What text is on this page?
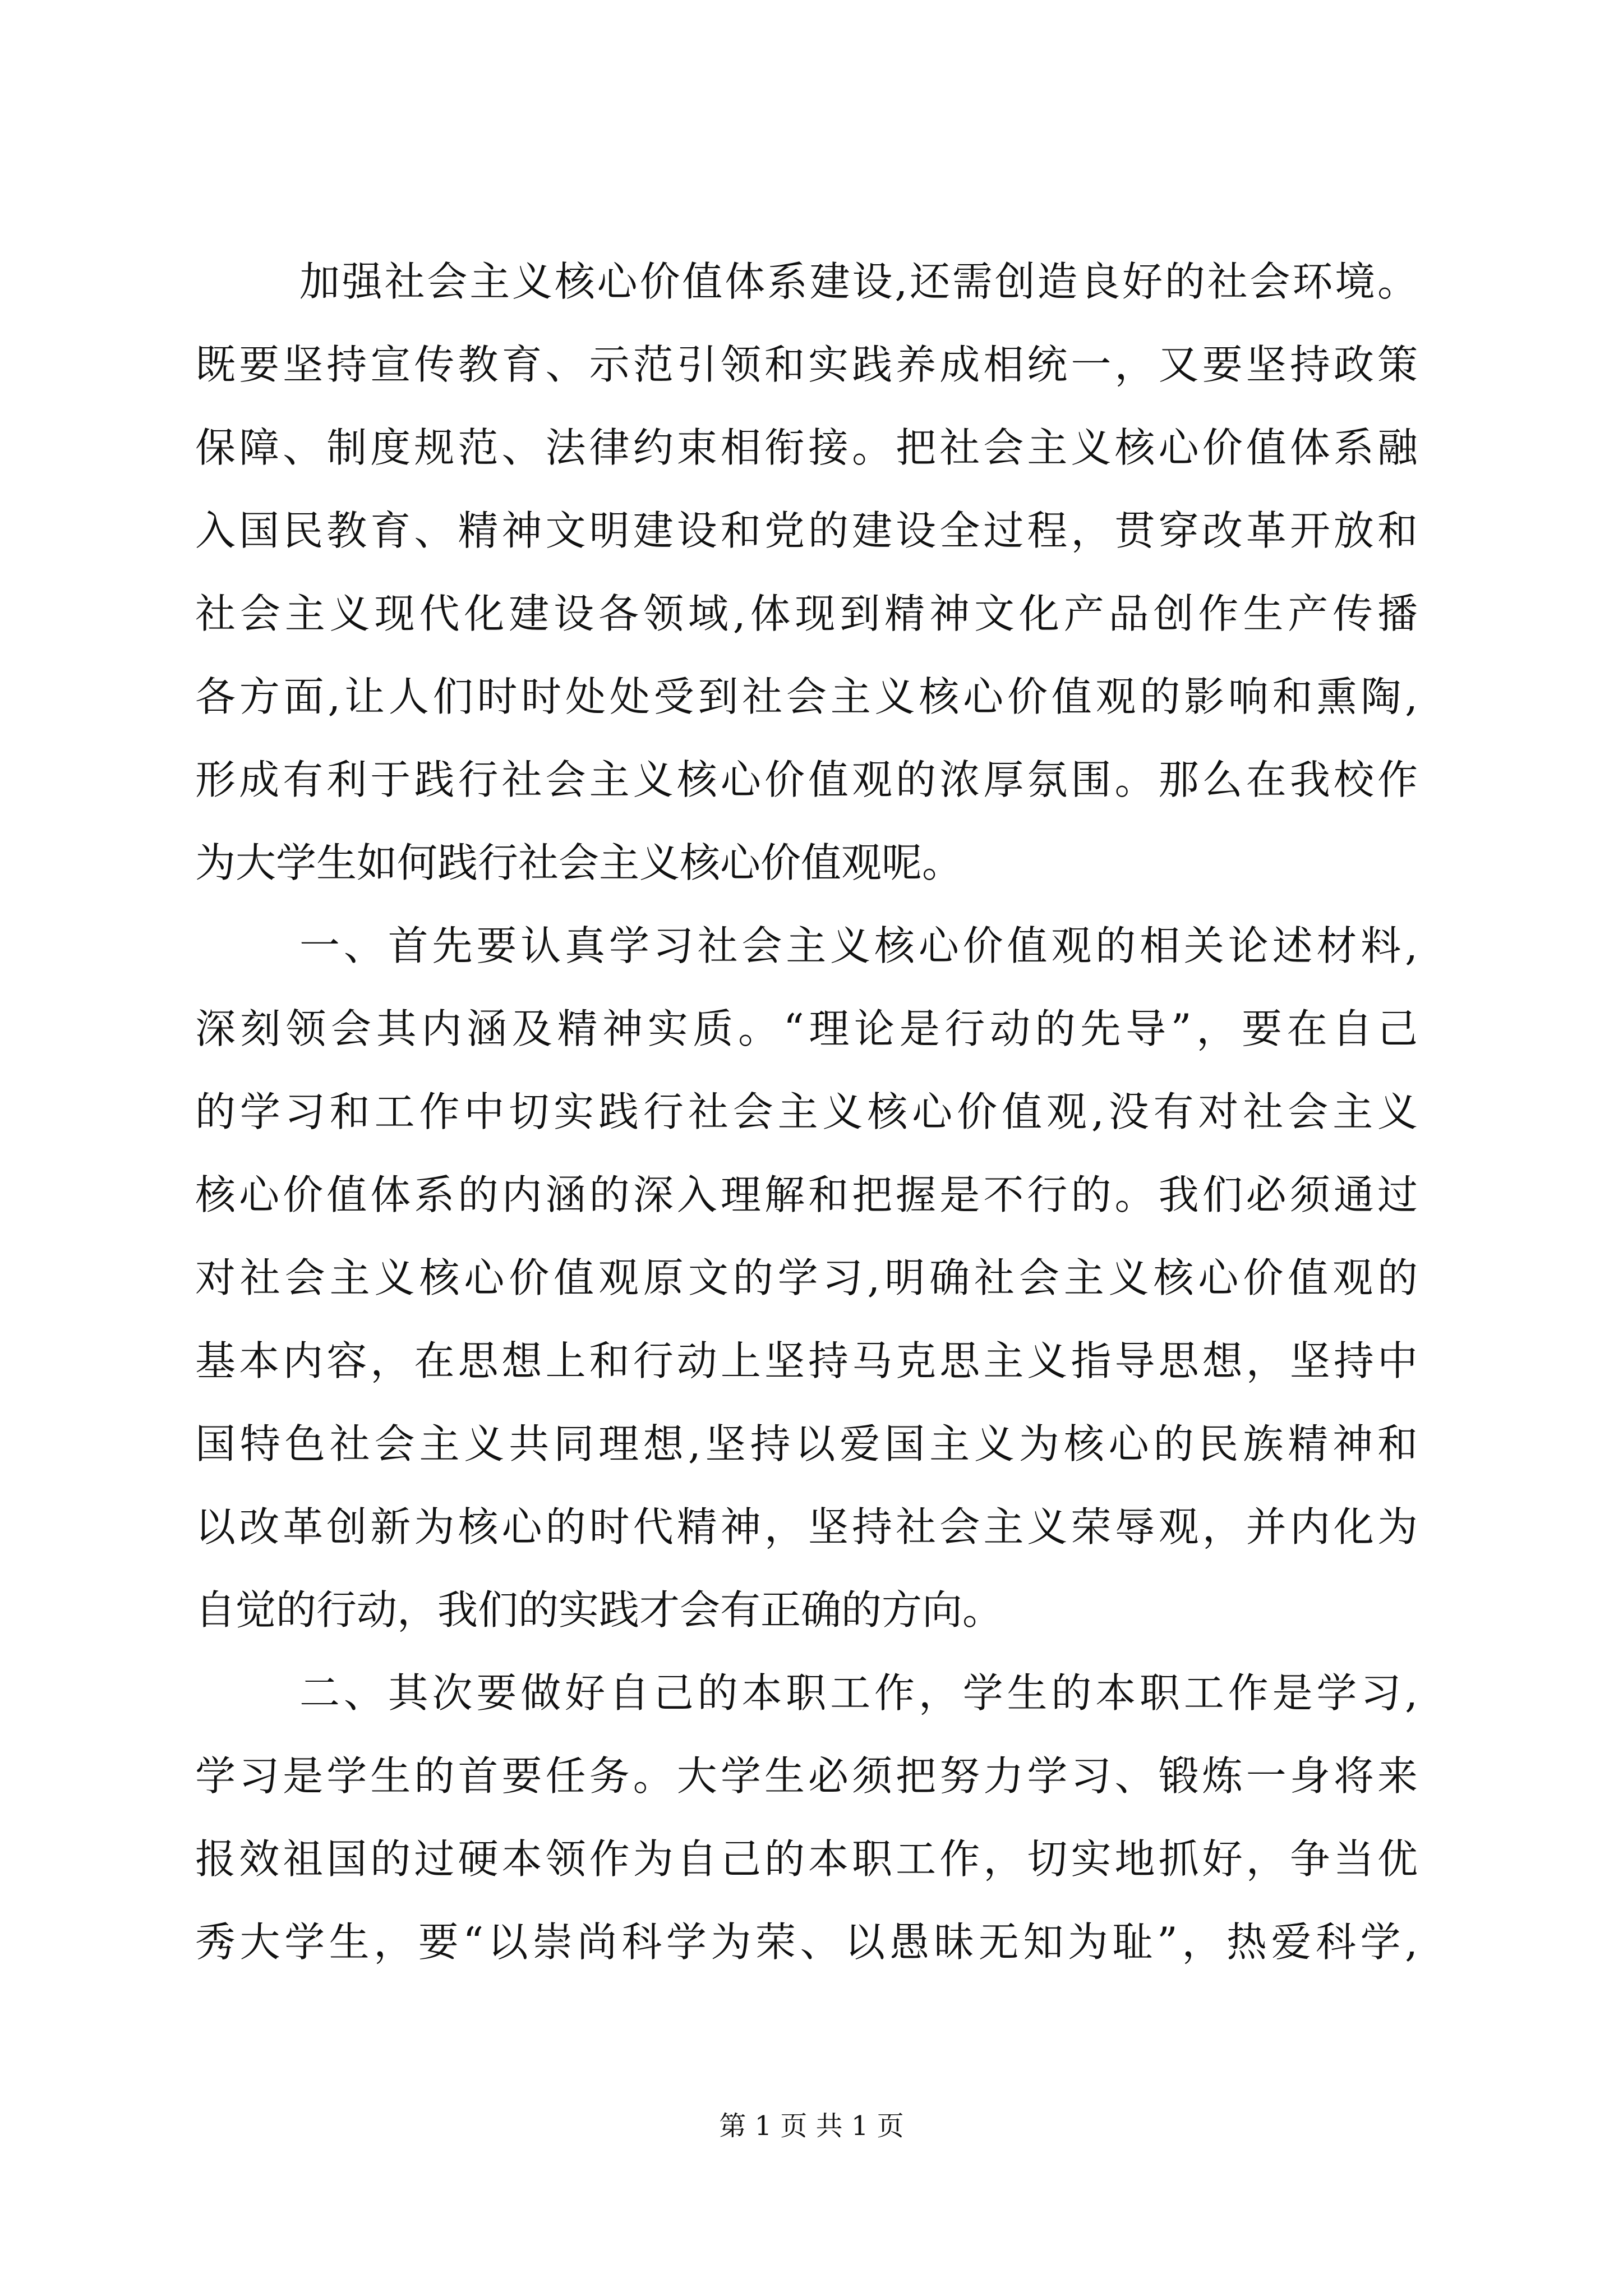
加强社会主义核心价值体系建设,还需创造良好的社会环境。
既要坚持宣传教育、示范引领和实践养成相统一，又要坚持政策
保障、制度规范、法律约束相衔接。把社会主义核心价值体系融
入国民教育、精神文明建设和党的建设全过程，贯穿改革开放和
社会主义现代化建设各领域,体现到精神文化产品创作生产传播
各方面,让人们时时处处受到社会主义核心价值观的影响和熏陶,
形成有利于践行社会主义核心价值观的浓厚氛围。那么在我校作
为大学生如何践行社会主义核心价值观呢。
一、首先要认真学习社会主义核心价值观的相关论述材料,
深刻领会其内涵及精神实质。“理论是行动的先导”，要在自己
的学习和工作中切实践行社会主义核心价值观,没有对社会主义
核心价值体系的内涵的深入理解和把握是不行的。我们必须通过
对社会主义核心价值观原文的学习,明确社会主义核心价值观的
基本内容，在思想上和行动上坚持马克思主义指导思想，坚持中
国特色社会主义共同理想,坚持以爱国主义为核心的民族精神和
以改革创新为核心的时代精神，坚持社会主义荣辱观，并内化为
自觉的行动，我们的实践才会有正确的方向。
二、其次要做好自己的本职工作，学生的本职工作是学习,
学习是学生的首要任务。大学生必须把努力学习、锻炼一身将来
报效祖国的过硬本领作为自己的本职工作，切实地抓好，争当优
秀大学生，要“以崇尚科学为荣、以愚昧无知为耻”，热爱科学,
第 1 页 共 1 页
